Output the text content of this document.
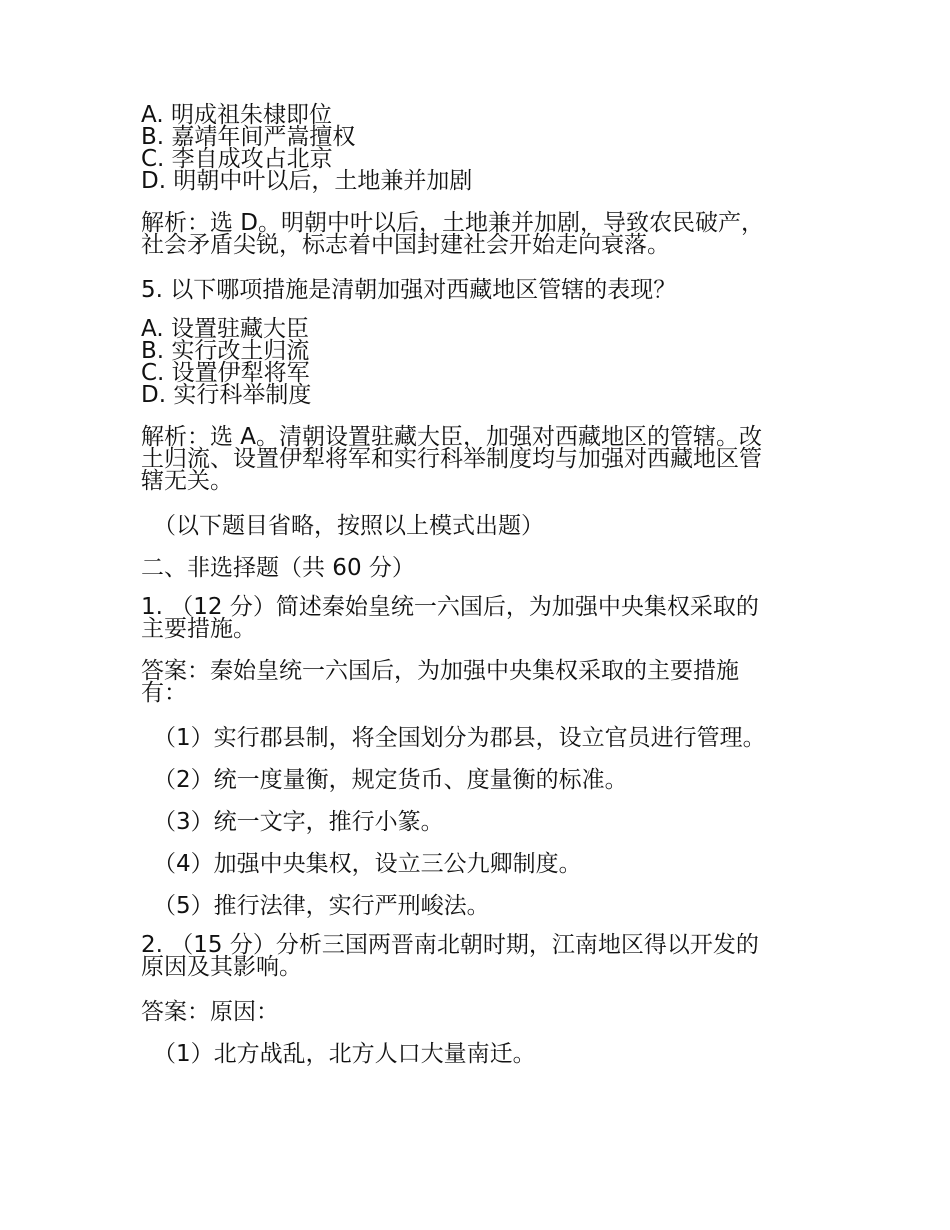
A. 明成祖朱棣即位
B. 嘉靖年间严嵩擅权
C. 李自成攻占北京
D. 明朝中叶以后，土地兼并加剧
解析：选 D。明朝中叶以后，土地兼并加剧，导致农民破产，
社会矛盾尖锐，标志着中国封建社会开始走向衰落。
5. 以下哪项措施是清朝加强对西藏地区管辖的表现？
A. 设置驻藏大臣
B. 实行改土归流
C. 设置伊犁将军
D. 实行科举制度
解析：选 A。清朝设置驻藏大臣，加强对西藏地区的管辖。改
土归流、设置伊犁将军和实行科举制度均与加强对西藏地区管
辖无关。
（以下题目省略，按照以上模式出题）
二、非选择题（共 60 分）
1. （12 分）简述秦始皇统一六国后，为加强中央集权采取的
主要措施。
答案：秦始皇统一六国后，为加强中央集权采取的主要措施
有：
（1）实行郡县制，将全国划分为郡县，设立官员进行管理。
（2）统一度量衡，规定货币、度量衡的标准。
（3）统一文字，推行小篆。
（4）加强中央集权，设立三公九卿制度。
（5）推行法律，实行严刑峻法。
2. （15 分）分析三国两晋南北朝时期，江南地区得以开发的
原因及其影响。
答案：原因：
（1）北方战乱，北方人口大量南迁。
